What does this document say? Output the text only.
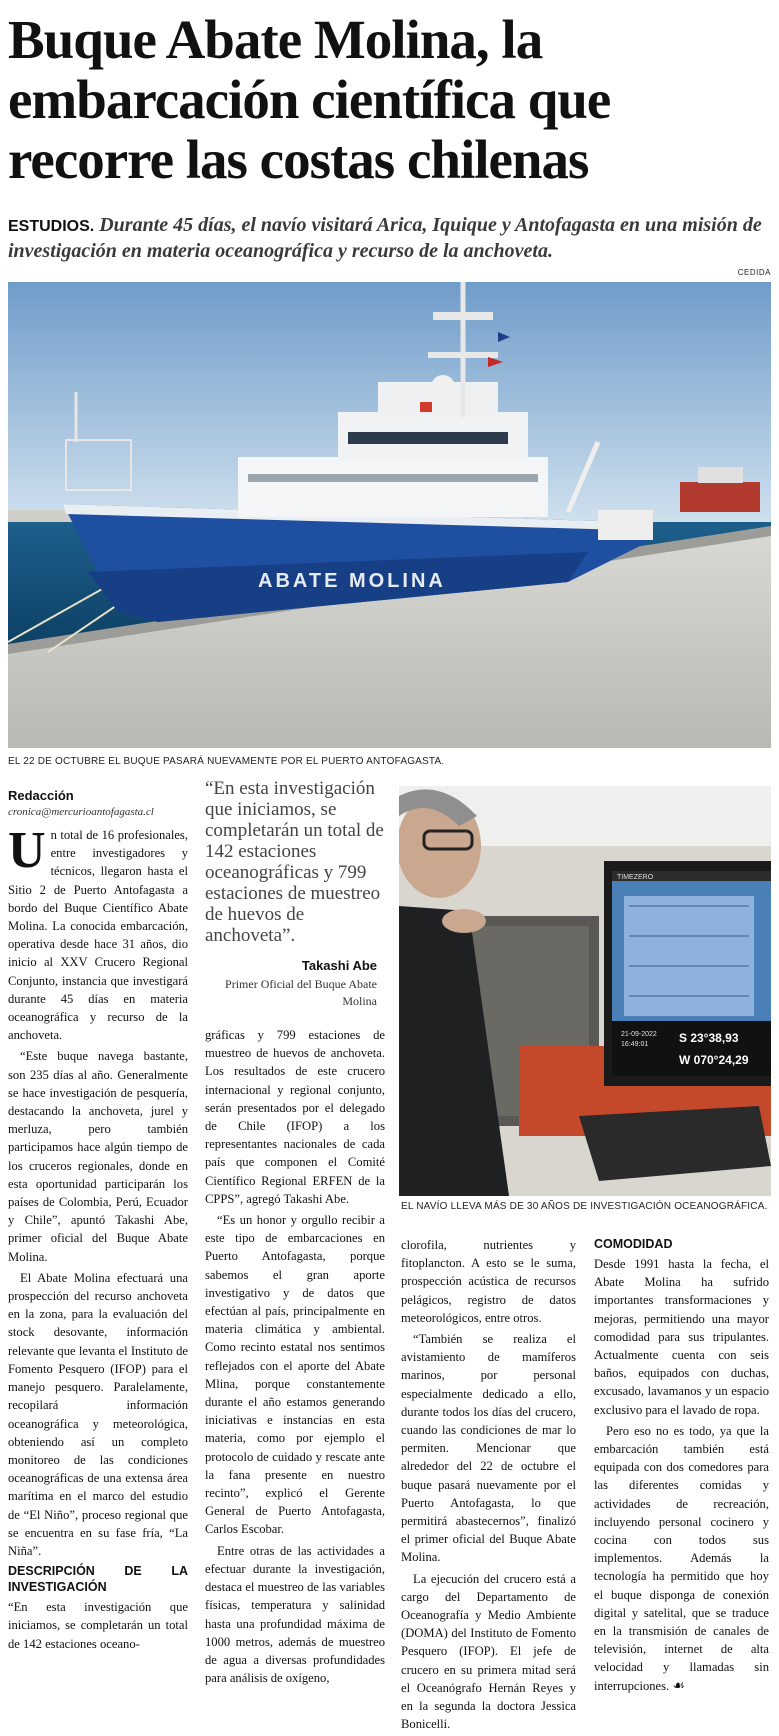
Buque Abate Molina, la embarcación científica que recorre las costas chilenas
ESTUDIOS. Durante 45 días, el navío visitará Arica, Iquique y Antofagasta en una misión de investigación en materia oceanográfica y recurso de la anchoveta.
CEDIDA
ABATE MOLINA
EL 22 DE OCTUBRE EL BUQUE PASARÁ NUEVAMENTE POR EL PUERTO ANTOFAGASTA.
Redacción
cronica@mercurioantofagasta.cl

Un total de 16 profesionales, entre investigadores y técnicos, llegaron hasta el Sitio 2 de Puerto Antofagasta a bordo del Buque Científico Abate Molina. La conocida embarcación, operativa desde hace 31 años, dio inicio al XXV Crucero Regional Conjunto, instancia que investigará durante 45 días en materia oceanográfica y recurso de la anchoveta.

“Este buque navega bastante, son 235 días al año. Generalmente se hace investigación de pesquería, destacando la anchoveta, jurel y merluza, pero también participamos hace algún tiempo de los cruceros regionales, donde en esta oportunidad participarán los países de Colombia, Perú, Ecuador y Chile”, apuntó Takashi Abe, primer oficial del Buque Abate Molina.

El Abate Molina efectuará una prospección del recurso anchoveta en la zona, para la evaluación del stock desovante, información relevante que levanta el Instituto de Fomento Pesquero (IFOP) para el manejo pesquero. Paralelamente, recopilará información oceanográfica y meteorológica, obteniendo así un completo monitoreo de las condiciones oceanográficas de una extensa área marítima en el marco del estudio de “El Niño”, proceso regional que se encuentra en su fase fría, “La Niña”.

DESCRIPCIÓN DE LA INVESTIGACIÓN

“En esta investigación que iniciamos, se completarán un total de 142 estaciones oceano-

“En esta investigación que iniciamos, se completarán un total de 142 estaciones oceanográficas y 799 estaciones de muestreo de huevos de anchoveta”.
Takashi Abe
Primer Oficial del Buque Abate Molina

gráficas y 799 estaciones de muestreo de huevos de anchoveta. Los resultados de este crucero internacional y regional conjunto, serán presentados por el delegado de Chile (IFOP) a los representantes nacionales de cada país que componen el Comité Científico Regional ERFEN de la CPPS”, agregó Takashi Abe.

“Es un honor y orgullo recibir a este tipo de embarcaciones en Puerto Antofagasta, porque sabemos el gran aporte investigativo y de datos que efectúan al país, principalmente en materia climática y ambiental. Como recinto estatal nos sentimos reflejados con el aporte del Abate Mlina, porque constantemente durante el año estamos generando iniciativas e instancias en esta materia, como por ejemplo el protocolo de cuidado y rescate ante la fana presente en nuestro recinto”, explicó el Gerente General de Puerto Antofagasta, Carlos Escobar.

Entre otras de las actividades a efectuar durante la investigación, destaca el muestreo de las variables físicas, temperatura y salinidad hasta una profundidad máxima de 1000 metros, además de muestreo de agua a diversas profundidades para análisis de oxígeno,

TIMEZERO
21-09-2022
16:49:01	S 23°38,93
W 070°24,29
EL NAVÍO LLEVA MÁS DE 30 AÑOS DE INVESTIGACIÓN OCEANOGRÁFICA.

clorofila, nutrientes y fitoplancton. A esto se le suma, prospección acústica de recursos pelágicos, registro de datos meteorológicos, entre otros.

“También se realiza el avistamiento de mamíferos marinos, por personal especialmente dedicado a ello, durante todos los días del crucero, cuando las condiciones de mar lo permiten. Mencionar que alrededor del 22 de octubre el buque pasará nuevamente por el Puerto Antofagasta, lo que permitirá abastecernos”, finalizó el primer oficial del Buque Abate Molina.

La ejecución del crucero está a cargo del Departamento de Oceanografía y Medio Ambiente (DOMA) del Instituto de Fomento Pesquero (IFOP). El jefe de crucero en su primera mitad será el Oceanógrafo Hernán Reyes y en la segunda la doctora Jessica Bonicelli.

COMODIDAD

Desde 1991 hasta la fecha, el Abate Molina ha sufrido importantes transformaciones y mejoras, permitiendo una mayor comodidad para sus tripulantes. Actualmente cuenta con seis baños, equipados con duchas, excusado, lavamanos y un espacio exclusivo para el lavado de ropa.

Pero eso no es todo, ya que la embarcación también está equipada con dos comedores para las diferentes comidas y actividades de recreación, incluyendo personal cocinero y cocina con todos sus implementos. Además la tecnología ha permitido que hoy el buque disponga de conexión digital y satelital, que se traduce en la transmisión de canales de televisión, internet de alta velocidad y llamadas sin interrupciones. ☙
